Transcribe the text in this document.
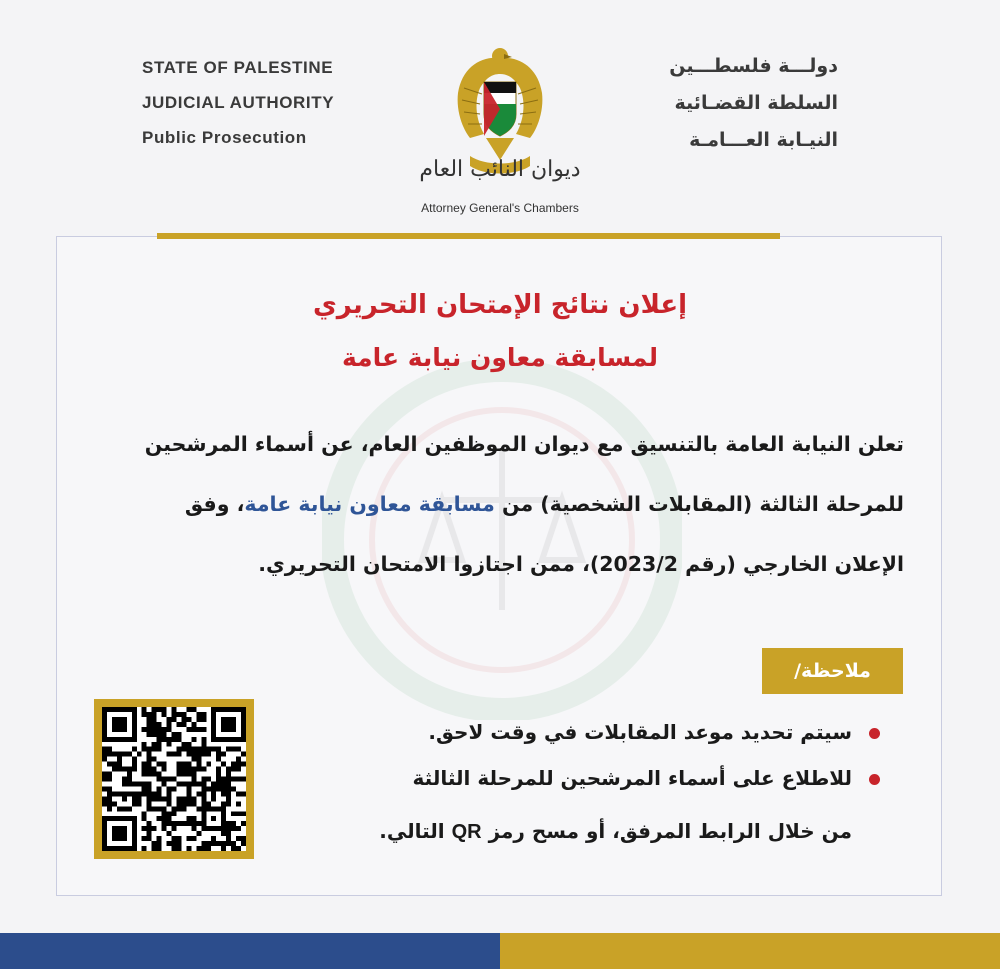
STATE OF PALESTINE
JUDICIAL AUTHORITY
Public Prosecution
دولـــة فلسطـــين
السلطة القضـائية
النيـابة العـــامـة
ديوان النائب العام
Attorney General's Chambers
إعلان نتائج الإمتحان التحريري
لمسابقة معاون نيابة عامة
تعلن النيابة العامة بالتنسيق مع ديوان الموظفين العام، عن أسماء المرشحين
للمرحلة الثالثة (المقابلات الشخصية) من مسابقة معاون نيابة عامة، وفق
الإعلان الخارجي (رقم 2023/2)، ممن اجتازوا الامتحان التحريري.
ملاحظة/
سيتم تحديد موعد المقابلات في وقت لاحق.
للاطلاع على أسماء المرشحين للمرحلة الثالثة
من خلال الرابط المرفق، أو مسح رمز QR التالي.
